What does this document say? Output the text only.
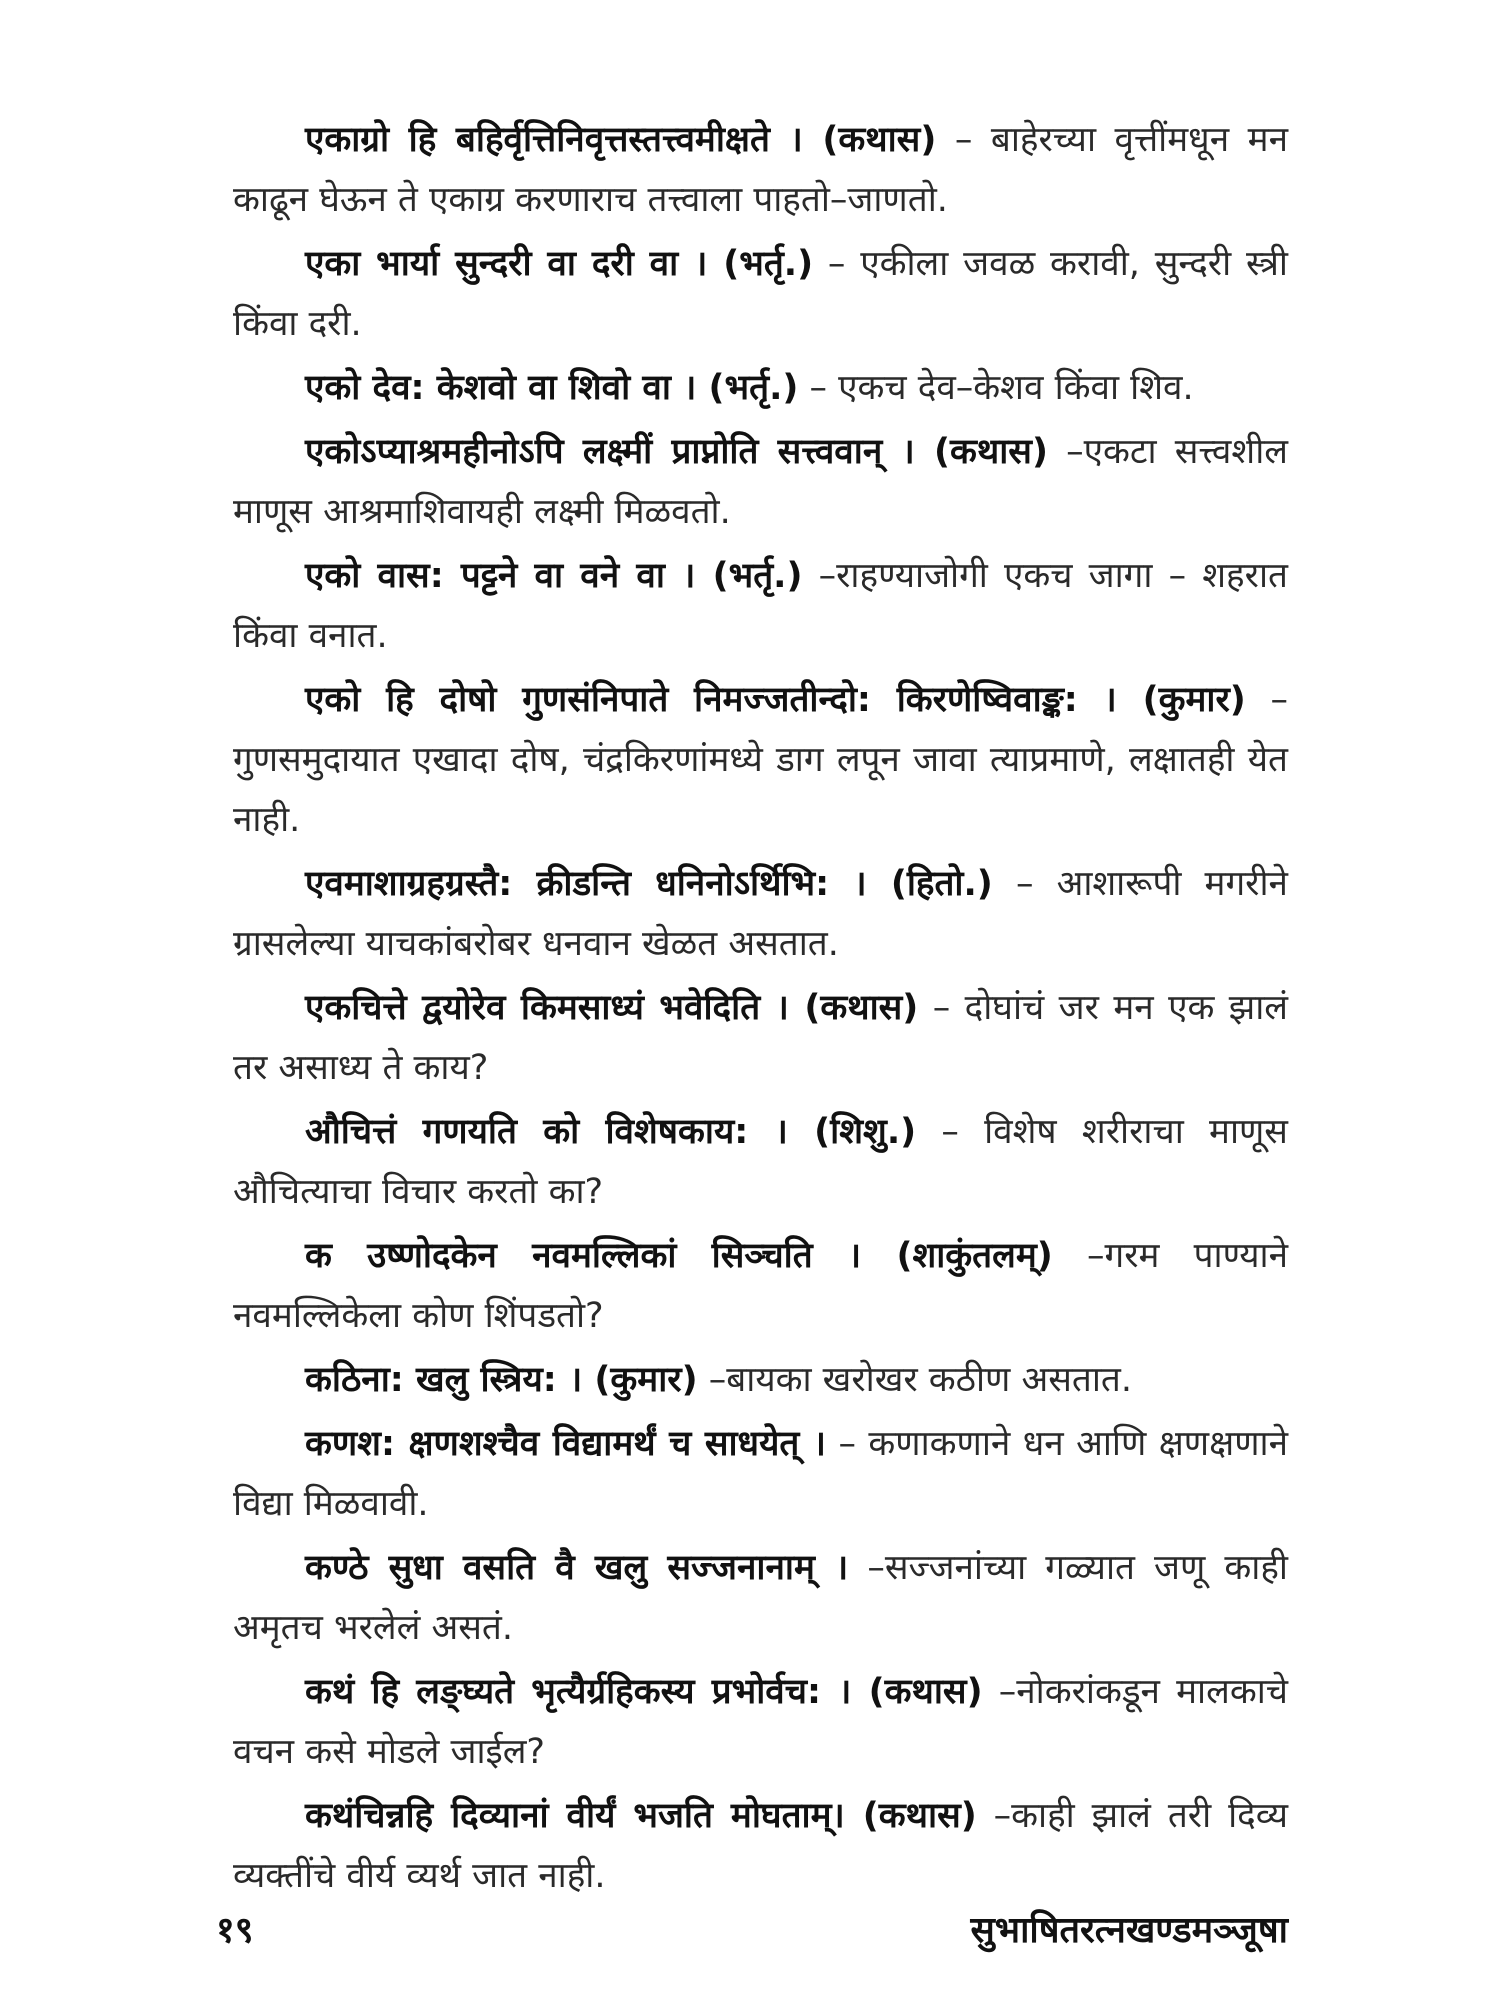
एकाग्रो हि बहिर्वृत्तिनिवृत्तस्तत्त्वमीक्षते । (कथास) – बाहेरच्या वृत्तींमधून मन काढून घेऊन ते एकाग्र करणाराच तत्त्वाला पाहतो–जाणतो.

एका भार्या सुन्दरी वा दरी वा । (भर्तृ.) – एकीला जवळ करावी, सुन्दरी स्त्री किंवा दरी.

एको देव: केशवो वा शिवो वा । (भर्तृ.) – एकच देव–केशव किंवा शिव.

एकोऽप्याश्रमहीनोऽपि लक्ष्मीं प्राप्नोति सत्त्ववान् । (कथास) –एकटा सत्त्वशील माणूस आश्रमाशिवायही लक्ष्मी मिळवतो.

एको वास: पट्टने वा वने वा । (भर्तृ.) –राहण्याजोगी एकच जागा – शहरात किंवा वनात.

एको हि दोषो गुणसंनिपाते निमज्जतीन्दो: किरणेष्विवाङ्क: । (कुमार) – गुणसमुदायात एखादा दोष, चंद्रकिरणांमध्ये डाग लपून जावा त्याप्रमाणे, लक्षातही येत नाही.

एवमाशाग्रहग्रस्तै: क्रीडन्ति धनिनोऽर्थिभि: । (हितो.) – आशारूपी मगरीने ग्रासलेल्या याचकांबरोबर धनवान खेळत असतात.

एकचित्ते द्वयोरेव किमसाध्यं भवेदिति । (कथास) – दोघांचं जर मन एक झालं तर असाध्य ते काय?

औचित्तं गणयति को विशेषकाय: । (शिशु.) – विशेष शरीराचा माणूस औचित्याचा विचार करतो का?

क उष्णोदकेन नवमल्लिकां सिञ्चति । (शाकुंतलम्) –गरम पाण्याने नवमल्लिकेला कोण शिंपडतो?

कठिना: खलु स्त्रिय: । (कुमार) –बायका खरोखर कठीण असतात.

कणश: क्षणशश्चैव विद्यामर्थं च साधयेत् । – कणाकणाने धन आणि क्षणक्षणाने विद्या मिळवावी.

कण्ठे सुधा वसति वै खलु सज्जनानाम् । –सज्जनांच्या गळ्यात जणू काही अमृतच भरलेलं असतं.

कथं हि लङ्घ्यते भृत्यैर्ग्रहिकस्य प्रभोर्वच: । (कथास) –नोकरांकडून मालकाचे वचन कसे मोडले जाईल?

कथंचिन्नहि दिव्यानां वीर्यं भजति मोघताम्। (कथास) –काही झालं तरी दिव्य व्यक्तींचे वीर्य व्यर्थ जात नाही.

१९	सुभाषितरत्नखण्डमञ्जूषा
